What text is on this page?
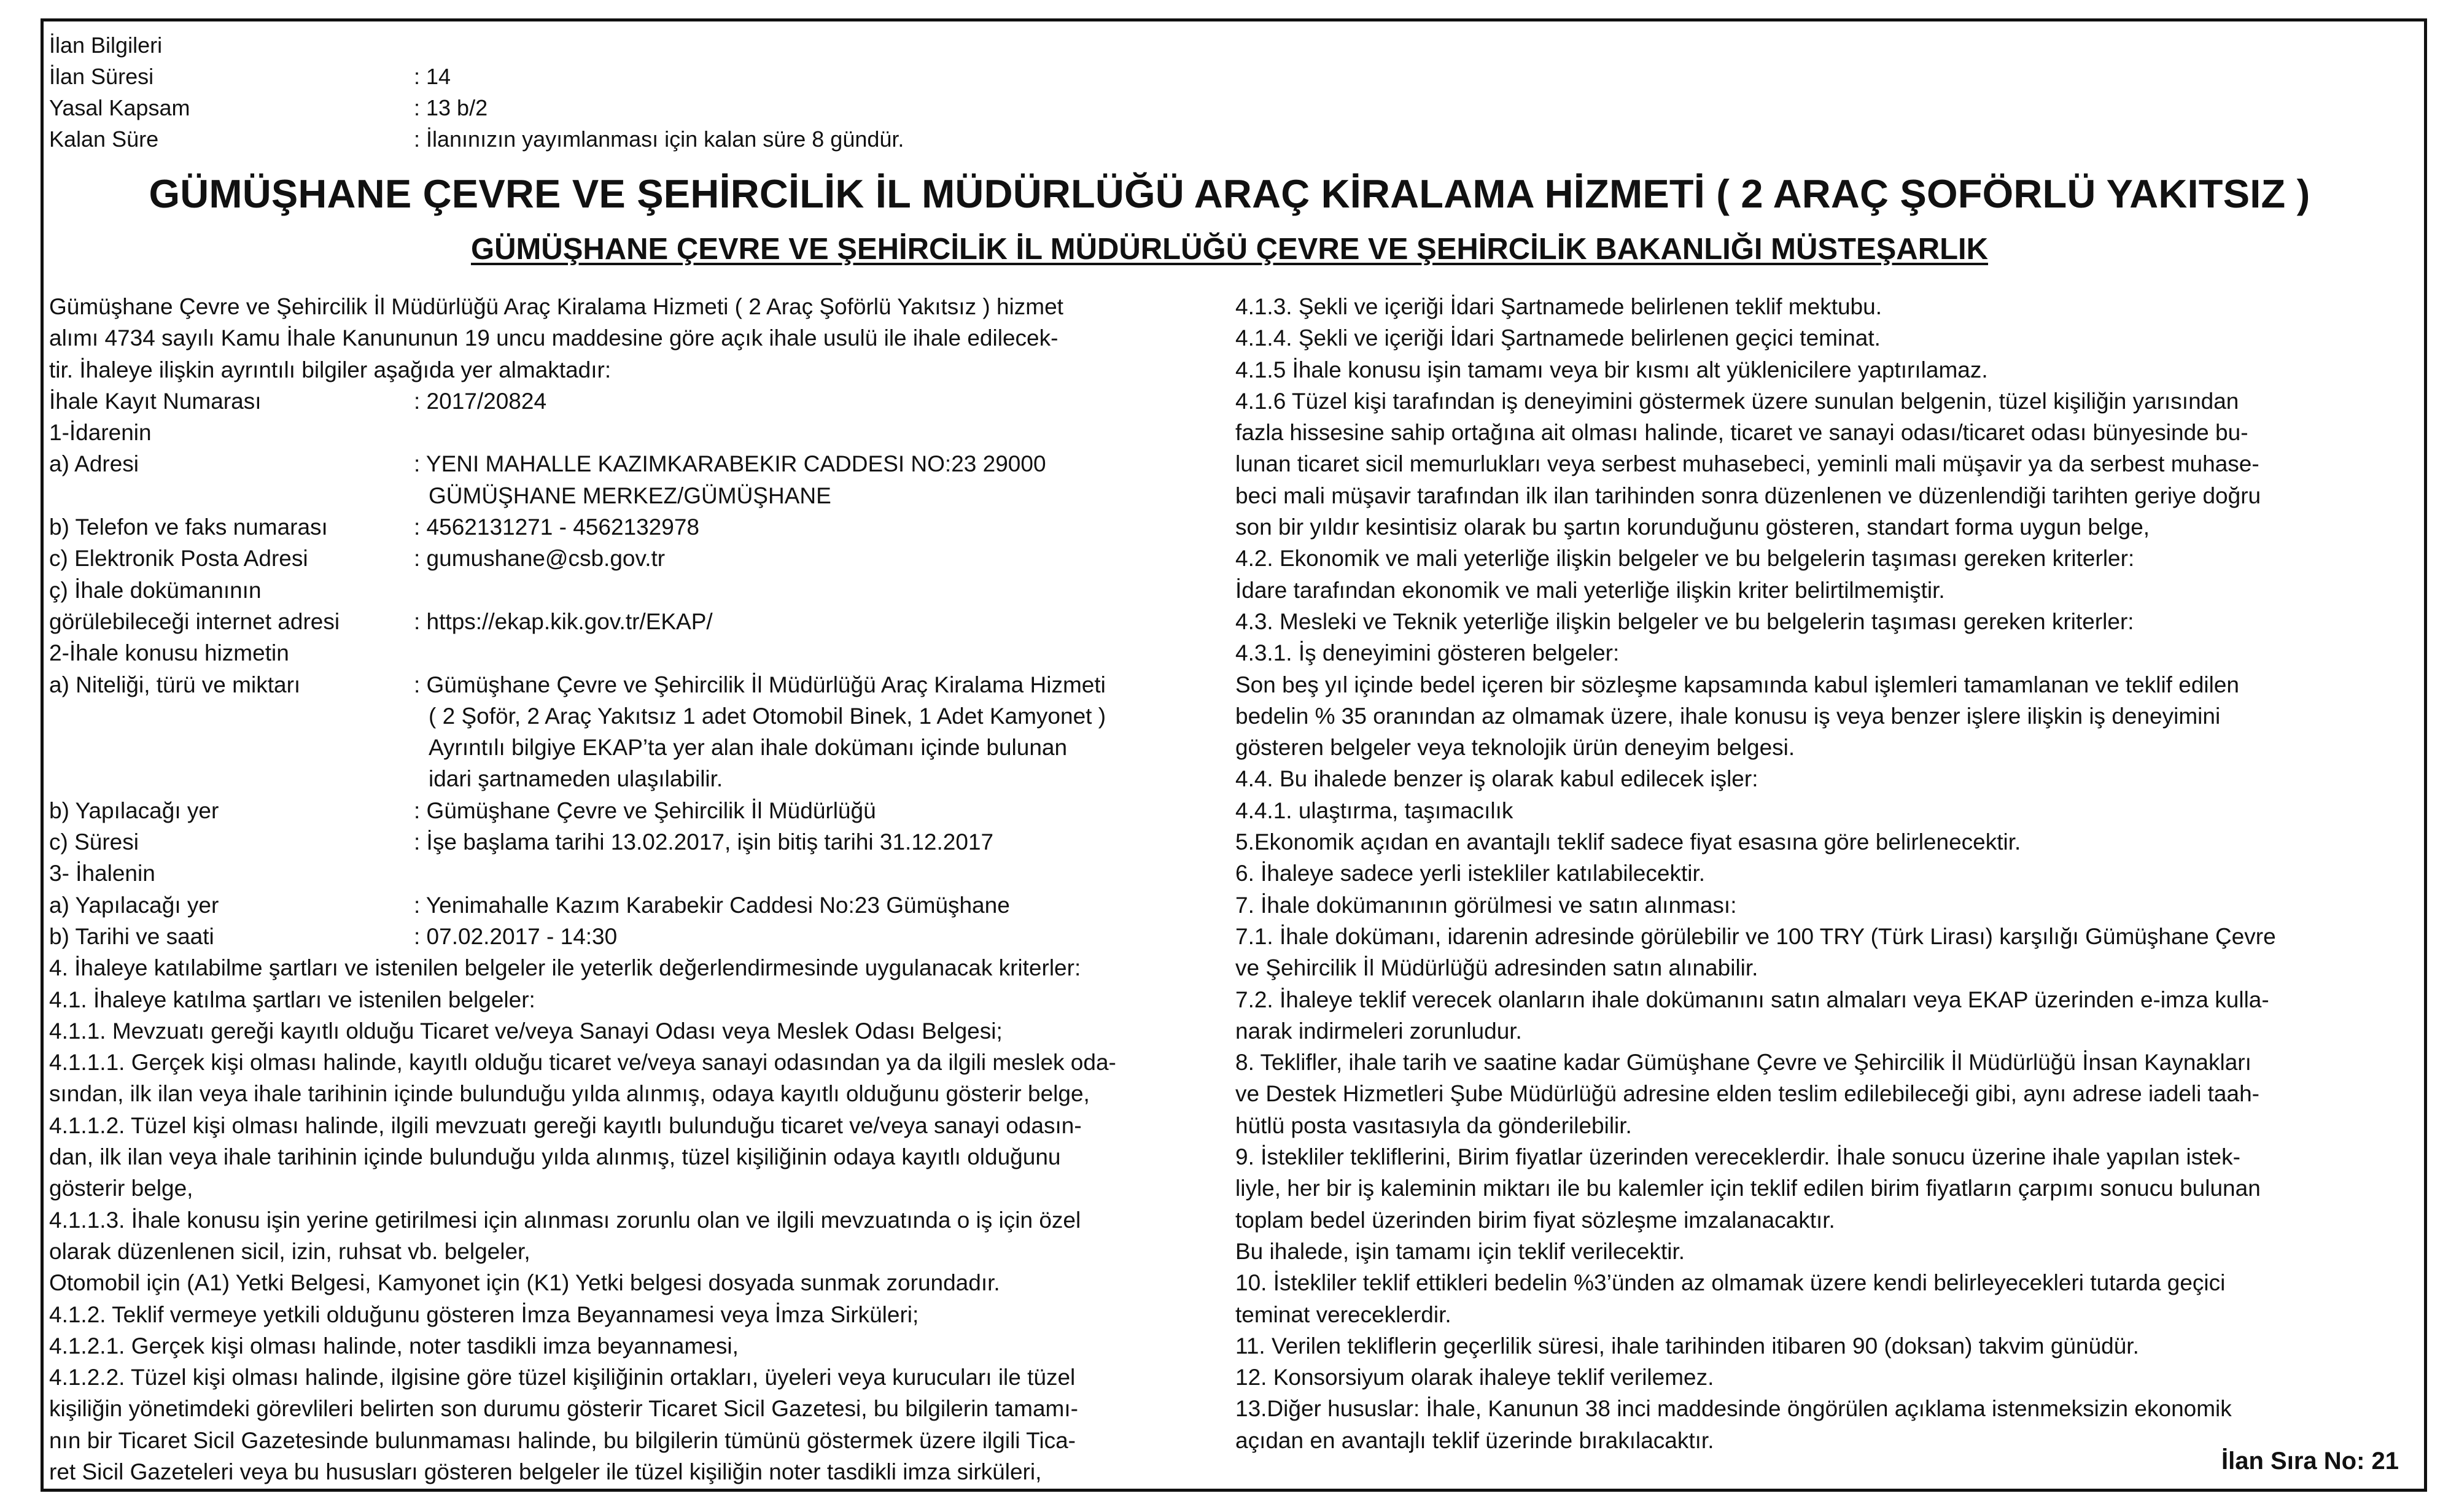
İlan Bilgileri
İlan Süresi	: 14
Yasal Kapsam	: 13 b/2
Kalan Süre	: İlanınızın yayımlanması için kalan süre 8 gündür.
GÜMÜŞHANE ÇEVRE VE ŞEHİRCİLİK İL MÜDÜRLÜĞÜ ARAÇ KİRALAMA HİZMETİ ( 2 ARAÇ ŞOFÖRLÜ YAKITSIZ )
GÜMÜŞHANE ÇEVRE VE ŞEHİRCİLİK İL MÜDÜRLÜĞÜ ÇEVRE VE ŞEHİRCİLİK BAKANLIĞI MÜSTEŞARLIK
Gümüşhane Çevre ve Şehircilik İl Müdürlüğü Araç Kiralama Hizmeti ( 2 Araç Şoförlü Yakıtsız ) hizmet
alımı 4734 sayılı Kamu İhale Kanununun 19 uncu maddesine göre açık ihale usulü ile ihale edilecek-
tir. İhaleye ilişkin ayrıntılı bilgiler aşağıda yer almaktadır:
İhale Kayıt Numarası	: 2017/20824
1-İdarenin
a) Adresi	: YENI MAHALLE KAZIMKARABEKIR CADDESI NO:23 29000
GÜMÜŞHANE MERKEZ/GÜMÜŞHANE
b) Telefon ve faks numarası	: 4562131271 - 4562132978
c) Elektronik Posta Adresi	: gumushane@csb.gov.tr
ç) İhale dokümanının
görülebileceği internet adresi	: https://ekap.kik.gov.tr/EKAP/
2-İhale konusu hizmetin
a) Niteliği, türü ve miktarı	: Gümüşhane Çevre ve Şehircilik İl Müdürlüğü Araç Kiralama Hizmeti
( 2 Şoför, 2 Araç Yakıtsız 1 adet Otomobil Binek, 1 Adet Kamyonet )
Ayrıntılı bilgiye EKAP’ta yer alan ihale dokümanı içinde bulunan
idari şartnameden ulaşılabilir.
b) Yapılacağı yer	: Gümüşhane Çevre ve Şehircilik İl Müdürlüğü
c) Süresi	: İşe başlama tarihi 13.02.2017, işin bitiş tarihi 31.12.2017
3- İhalenin
a) Yapılacağı yer	: Yenimahalle Kazım Karabekir Caddesi No:23 Gümüşhane
b) Tarihi ve saati	: 07.02.2017 - 14:30
4. İhaleye katılabilme şartları ve istenilen belgeler ile yeterlik değerlendirmesinde uygulanacak kriterler:
4.1. İhaleye katılma şartları ve istenilen belgeler:
4.1.1. Mevzuatı gereği kayıtlı olduğu Ticaret ve/veya Sanayi Odası veya Meslek Odası Belgesi;
4.1.1.1. Gerçek kişi olması halinde, kayıtlı olduğu ticaret ve/veya sanayi odasından ya da ilgili meslek oda-
sından, ilk ilan veya ihale tarihinin içinde bulunduğu yılda alınmış, odaya kayıtlı olduğunu gösterir belge,
4.1.1.2. Tüzel kişi olması halinde, ilgili mevzuatı gereği kayıtlı bulunduğu ticaret ve/veya sanayi odasın-
dan, ilk ilan veya ihale tarihinin içinde bulunduğu yılda alınmış, tüzel kişiliğinin odaya kayıtlı olduğunu
gösterir belge,
4.1.1.3. İhale konusu işin yerine getirilmesi için alınması zorunlu olan ve ilgili mevzuatında o iş için özel
olarak düzenlenen sicil, izin, ruhsat vb. belgeler,
Otomobil için (A1) Yetki Belgesi, Kamyonet için (K1) Yetki belgesi dosyada sunmak zorundadır.
4.1.2. Teklif vermeye yetkili olduğunu gösteren İmza Beyannamesi veya İmza Sirküleri;
4.1.2.1. Gerçek kişi olması halinde, noter tasdikli imza beyannamesi,
4.1.2.2. Tüzel kişi olması halinde, ilgisine göre tüzel kişiliğinin ortakları, üyeleri veya kurucuları ile tüzel
kişiliğin yönetimdeki görevlileri belirten son durumu gösterir Ticaret Sicil Gazetesi, bu bilgilerin tamamı-
nın bir Ticaret Sicil Gazetesinde bulunmaması halinde, bu bilgilerin tümünü göstermek üzere ilgili Tica-
ret Sicil Gazeteleri veya bu hususları gösteren belgeler ile tüzel kişiliğin noter tasdikli imza sirküleri,
4.1.3. Şekli ve içeriği İdari Şartnamede belirlenen teklif mektubu.
4.1.4. Şekli ve içeriği İdari Şartnamede belirlenen geçici teminat.
4.1.5 İhale konusu işin tamamı veya bir kısmı alt yüklenicilere yaptırılamaz.
4.1.6 Tüzel kişi tarafından iş deneyimini göstermek üzere sunulan belgenin, tüzel kişiliğin yarısından
fazla hissesine sahip ortağına ait olması halinde, ticaret ve sanayi odası/ticaret odası bünyesinde bu-
lunan ticaret sicil memurlukları veya serbest muhasebeci, yeminli mali müşavir ya da serbest muhase-
beci mali müşavir tarafından ilk ilan tarihinden sonra düzenlenen ve düzenlendiği tarihten geriye doğru
son bir yıldır kesintisiz olarak bu şartın korunduğunu gösteren, standart forma uygun belge,
4.2. Ekonomik ve mali yeterliğe ilişkin belgeler ve bu belgelerin taşıması gereken kriterler:
İdare tarafından ekonomik ve mali yeterliğe ilişkin kriter belirtilmemiştir.
4.3. Mesleki ve Teknik yeterliğe ilişkin belgeler ve bu belgelerin taşıması gereken kriterler:
4.3.1. İş deneyimini gösteren belgeler:
Son beş yıl içinde bedel içeren bir sözleşme kapsamında kabul işlemleri tamamlanan ve teklif edilen
bedelin % 35 oranından az olmamak üzere, ihale konusu iş veya benzer işlere ilişkin iş deneyimini
gösteren belgeler veya teknolojik ürün deneyim belgesi.
4.4. Bu ihalede benzer iş olarak kabul edilecek işler:
4.4.1. ulaştırma, taşımacılık
5.Ekonomik açıdan en avantajlı teklif sadece fiyat esasına göre belirlenecektir.
6. İhaleye sadece yerli istekliler katılabilecektir.
7. İhale dokümanının görülmesi ve satın alınması:
7.1. İhale dokümanı, idarenin adresinde görülebilir ve 100 TRY (Türk Lirası) karşılığı Gümüşhane Çevre
ve Şehircilik İl Müdürlüğü adresinden satın alınabilir.
7.2. İhaleye teklif verecek olanların ihale dokümanını satın almaları veya EKAP üzerinden e-imza kulla-
narak indirmeleri zorunludur.
8. Teklifler, ihale tarih ve saatine kadar Gümüşhane Çevre ve Şehircilik İl Müdürlüğü İnsan Kaynakları
ve Destek Hizmetleri Şube Müdürlüğü adresine elden teslim edilebileceği gibi, aynı adrese iadeli taah-
hütlü posta vasıtasıyla da gönderilebilir.
9. İstekliler tekliflerini, Birim fiyatlar üzerinden vereceklerdir. İhale sonucu üzerine ihale yapılan istek-
liyle, her bir iş kaleminin miktarı ile bu kalemler için teklif edilen birim fiyatların çarpımı sonucu bulunan
toplam bedel üzerinden birim fiyat sözleşme imzalanacaktır.
Bu ihalede, işin tamamı için teklif verilecektir.
10. İstekliler teklif ettikleri bedelin %3’ünden az olmamak üzere kendi belirleyecekleri tutarda geçici
teminat vereceklerdir.
11. Verilen tekliflerin geçerlilik süresi, ihale tarihinden itibaren 90 (doksan) takvim günüdür.
12. Konsorsiyum olarak ihaleye teklif verilemez.
13.Diğer hususlar: İhale, Kanunun 38 inci maddesinde öngörülen açıklama istenmeksizin ekonomik
açıdan en avantajlı teklif üzerinde bırakılacaktır.
İlan Sıra No: 21
